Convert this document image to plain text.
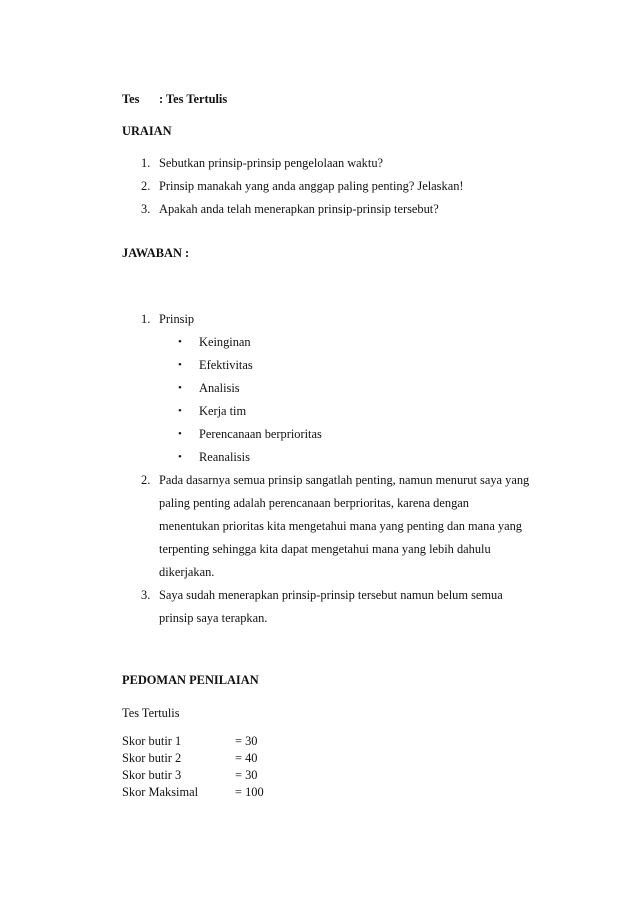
Tes : Tes Tertulis
URAIAN
1. Sebutkan prinsip-prinsip pengelolaan waktu?
2. Prinsip manakah yang anda anggap paling penting? Jelaskan!
3. Apakah anda telah menerapkan prinsip-prinsip tersebut?
JAWABAN :
1. Prinsip
• Keinginan
• Efektivitas
• Analisis
• Kerja tim
• Perencanaan berprioritas
• Reanalisis
2. Pada dasarnya semua prinsip sangatlah penting, namun menurut saya yang
paling penting adalah perencanaan berprioritas, karena dengan
menentukan prioritas kita mengetahui mana yang penting dan mana yang
terpenting sehingga kita dapat mengetahui mana yang lebih dahulu
dikerjakan.
3. Saya sudah menerapkan prinsip-prinsip tersebut namun belum semua
prinsip saya terapkan.
PEDOMAN PENILAIAN
Tes Tertulis
Skor butir 1	= 30
Skor butir 2	= 40
Skor butir 3	= 30
Skor Maksimal	= 100
